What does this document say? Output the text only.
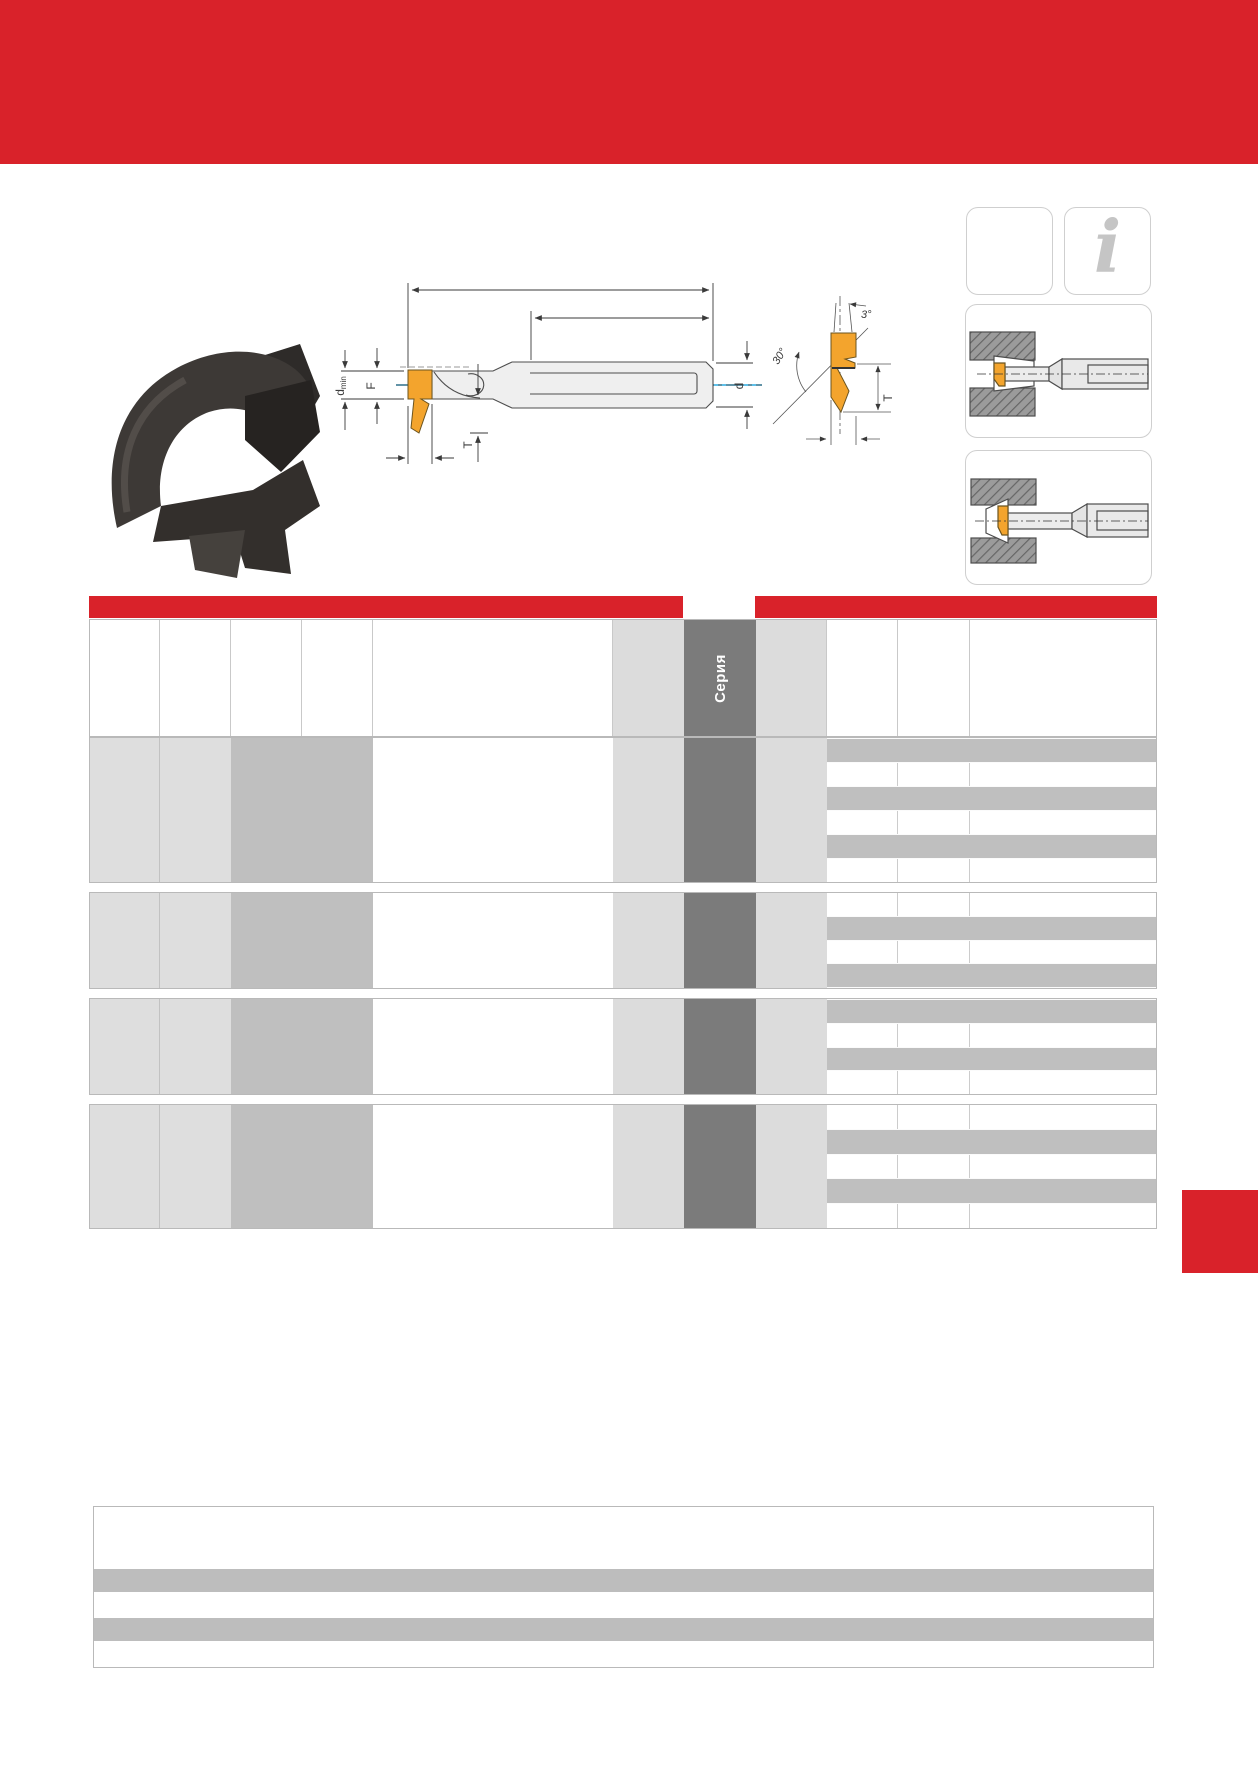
dmin F
T
d
3°
30°
T
i
Серия
